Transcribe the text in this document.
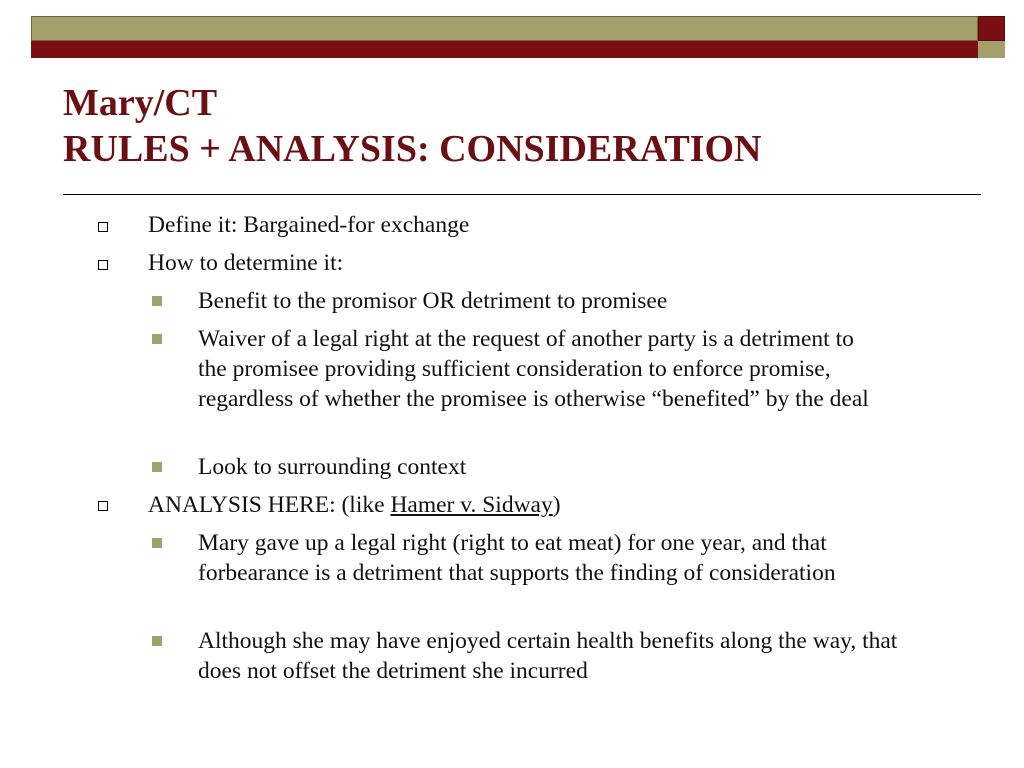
Mary/CT
RULES + ANALYSIS: CONSIDERATION
Define it: Bargained-for exchange
How to determine it:
Benefit to the promisor OR detriment to promisee
Waiver of a legal right at the request of another party is a detriment to the promisee providing sufficient consideration to enforce promise, regardless of whether the promisee is otherwise “benefited” by the deal
Look to surrounding context
ANALYSIS HERE: (like Hamer v. Sidway)
Mary gave up a legal right (right to eat meat) for one year, and that forbearance is a detriment that supports the finding of consideration
Although she may have enjoyed certain health benefits along the way, that does not offset the detriment she incurred
